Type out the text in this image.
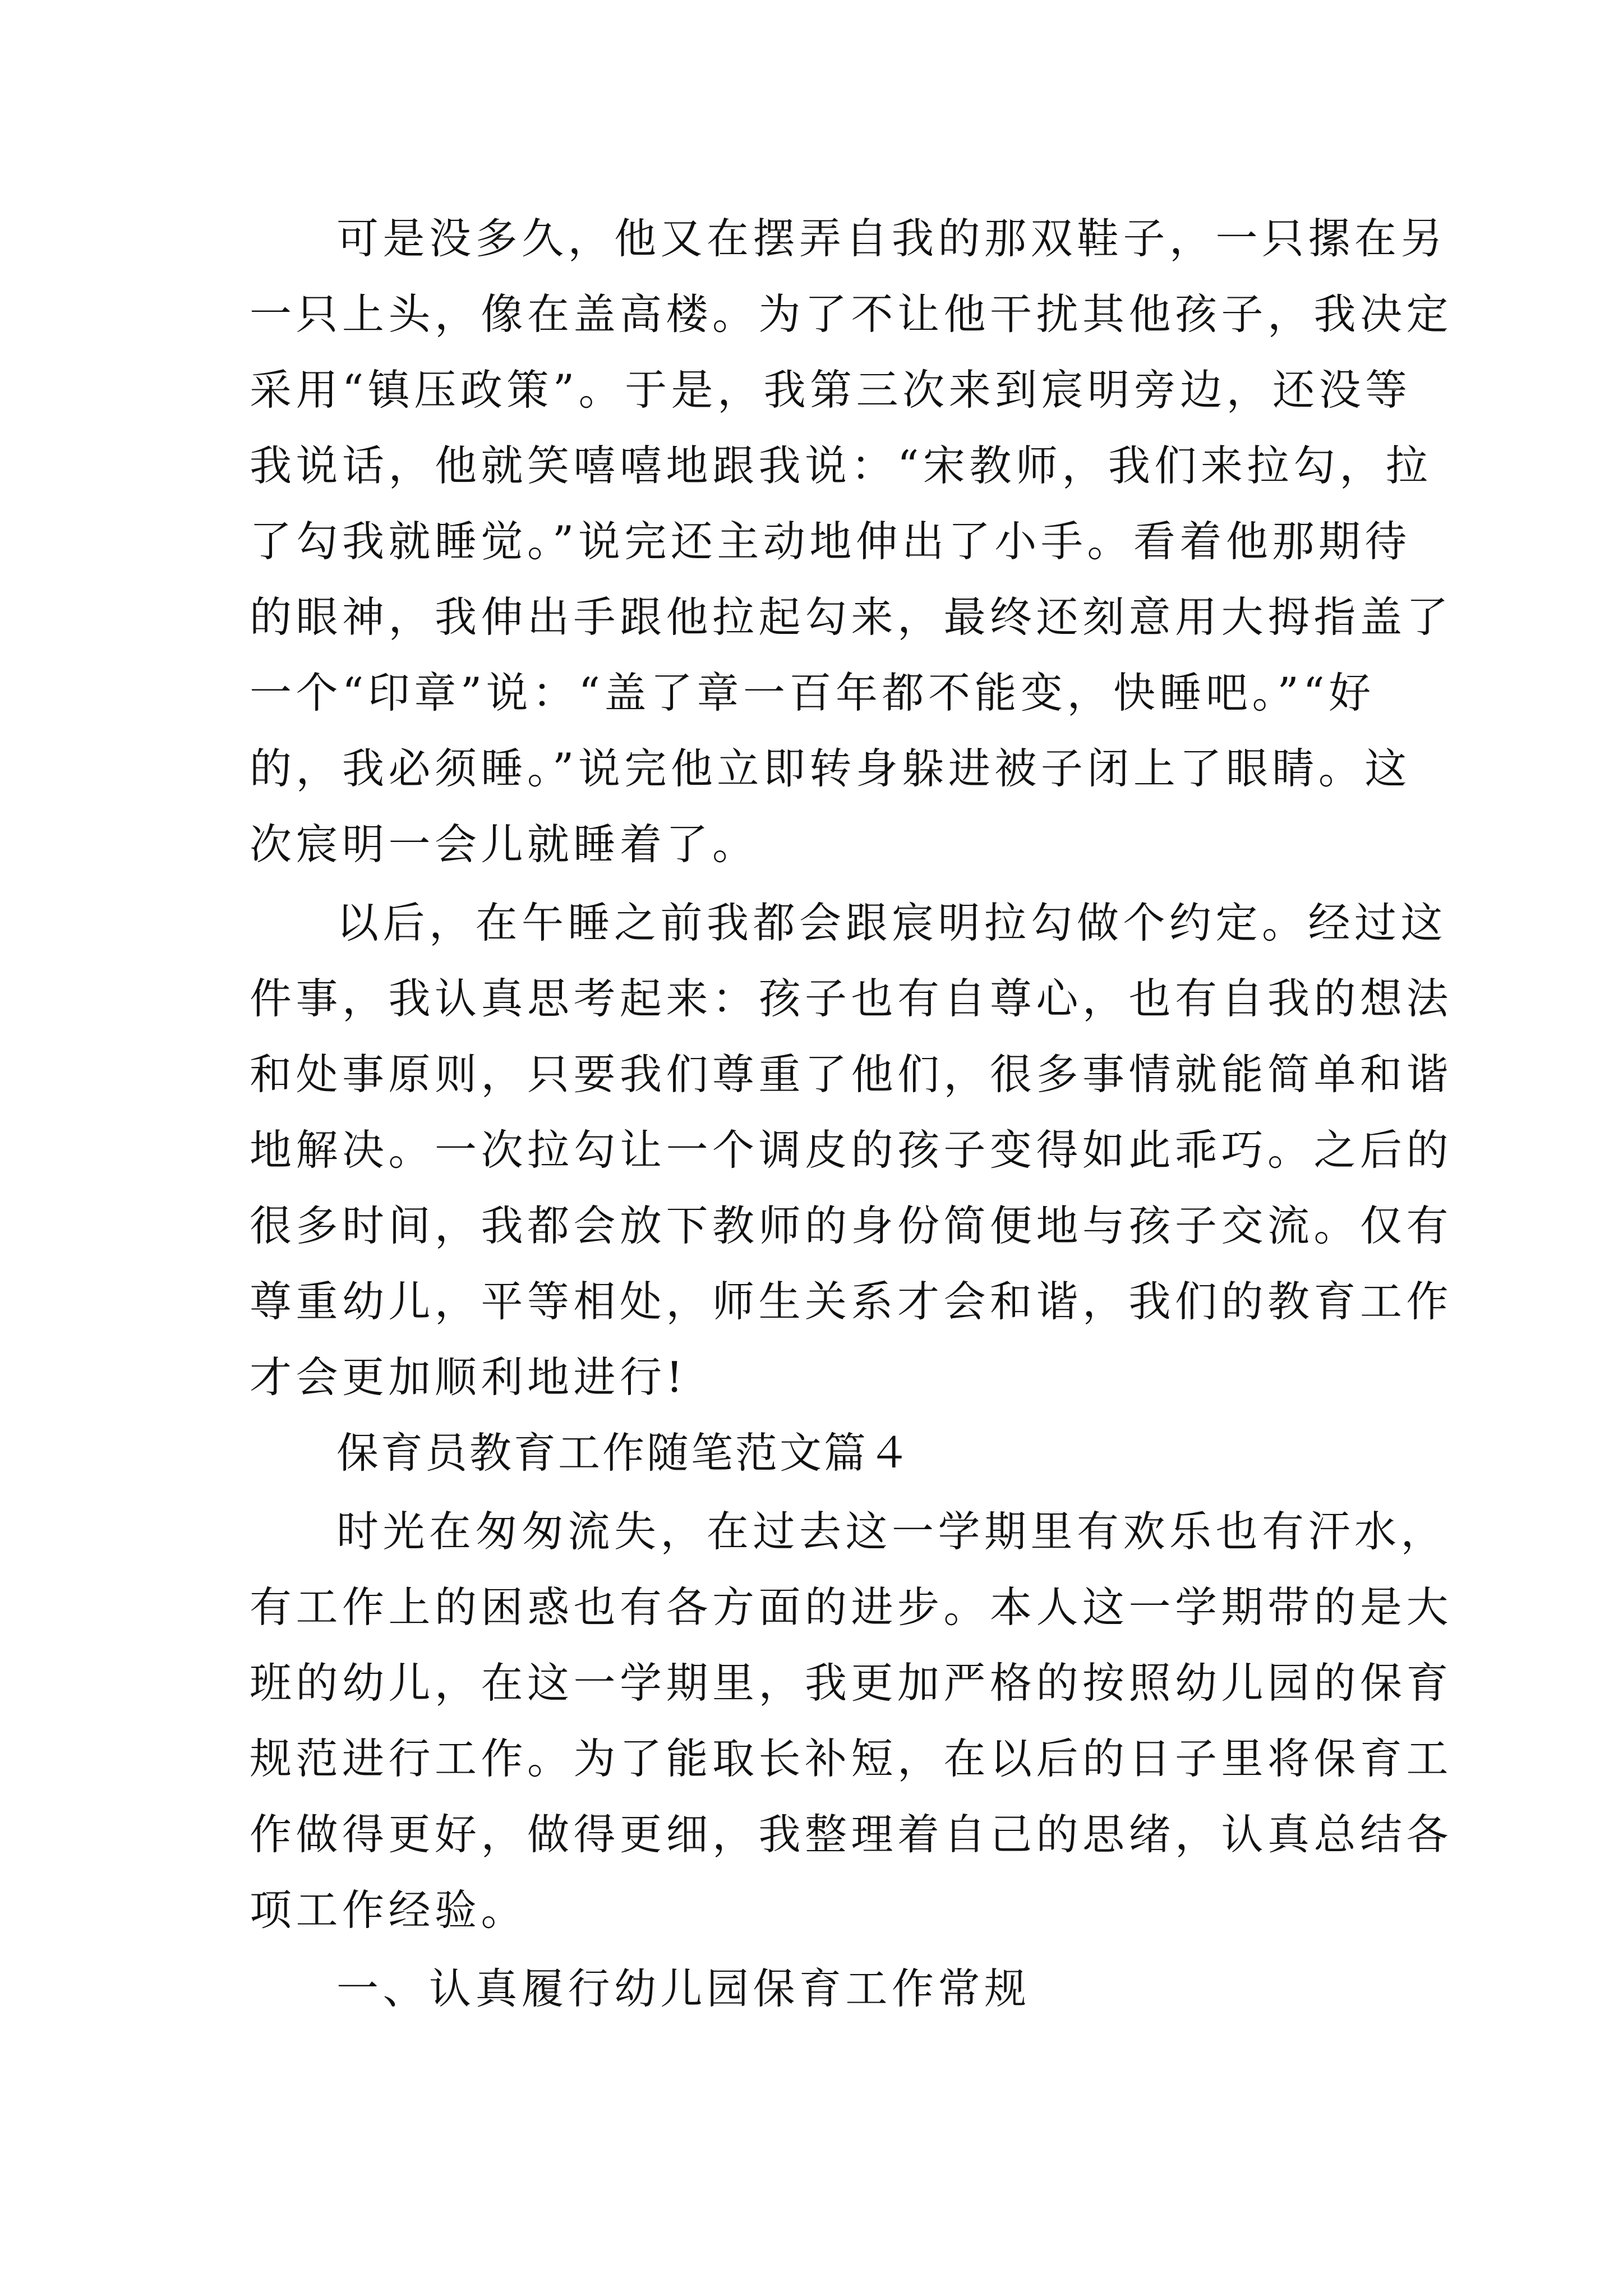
可是没多久，他又在摆弄自我的那双鞋子，一只摞在另
一只上头，像在盖高楼。为了不让他干扰其他孩子，我决定
采用“镇压政策”。于是，我第三次来到宸明旁边，还没等
我说话，他就笑嘻嘻地跟我说：“宋教师，我们来拉勾，拉
了勾我就睡觉。”说完还主动地伸出了小手。看着他那期待
的眼神，我伸出手跟他拉起勾来，最终还刻意用大拇指盖了
一个“印章”说：“盖了章一百年都不能变，快睡吧。”“好
的，我必须睡。”说完他立即转身躲进被子闭上了眼睛。这
次宸明一会儿就睡着了。
以后，在午睡之前我都会跟宸明拉勾做个约定。经过这
件事，我认真思考起来：孩子也有自尊心，也有自我的想法
和处事原则，只要我们尊重了他们，很多事情就能简单和谐
地解决。一次拉勾让一个调皮的孩子变得如此乖巧。之后的
很多时间，我都会放下教师的身份简便地与孩子交流。仅有
尊重幼儿，平等相处，师生关系才会和谐，我们的教育工作
才会更加顺利地进行!
保育员教育工作随笔范文篇４
时光在匆匆流失，在过去这一学期里有欢乐也有汗水，
有工作上的困惑也有各方面的进步。本人这一学期带的是大
班的幼儿，在这一学期里，我更加严格的按照幼儿园的保育
规范进行工作。为了能取长补短，在以后的日子里将保育工
作做得更好，做得更细，我整理着自己的思绪，认真总结各
项工作经验。
一、认真履行幼儿园保育工作常规
